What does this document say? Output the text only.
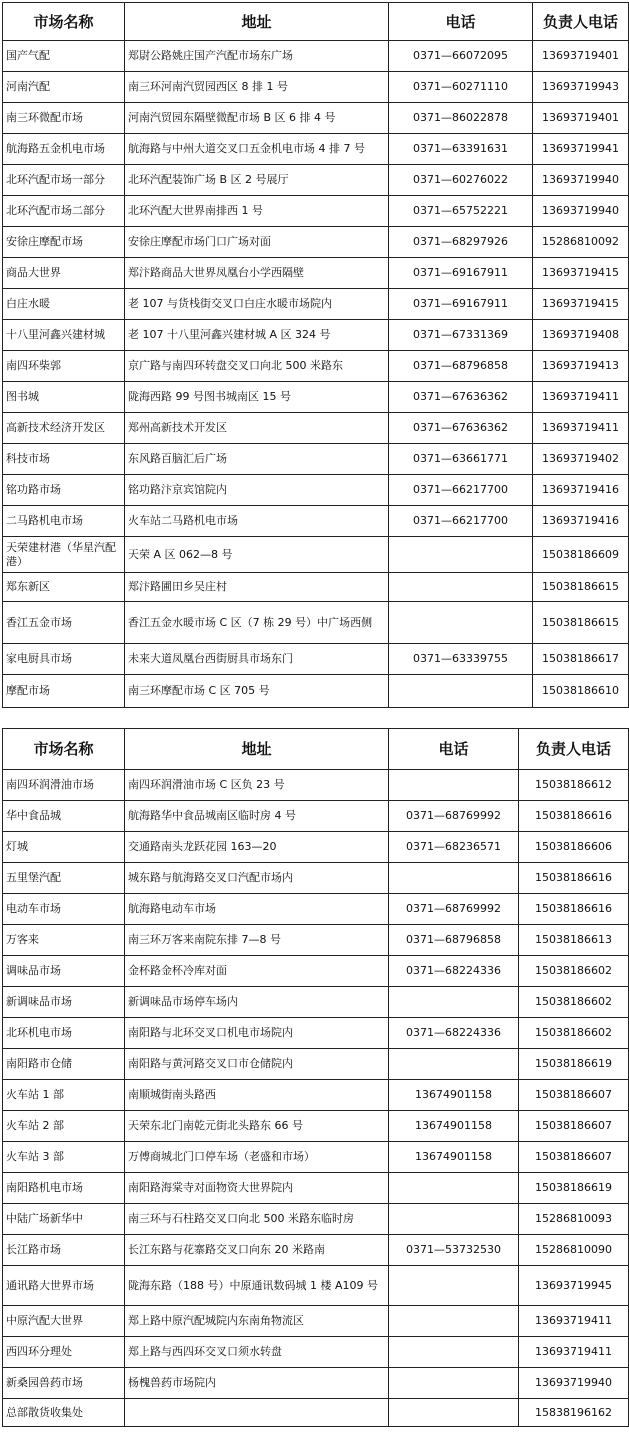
市场名称	地址	电话	负责人电话
国产气配	郑尉公路姚庄国产汽配市场东广场	0371—66072095	13693719401
河南汽配	南三环河南汽贸园西区 8 排 1 号	0371—60271110	13693719943
南三环微配市场	河南汽贸园东隔壁微配市场 B 区 6 排 4 号	0371—86022878	13693719401
航海路五金机电市场	航海路与中州大道交叉口五金机电市场 4 排 7 号	0371—63391631	13693719941
北环汽配市场一部分	北环汽配装饰广场 B 区 2 号展厅	0371—60276022	13693719940
北环汽配市场二部分	北环汽配大世界南排西 1 号	0371—65752221	13693719940
安徐庄摩配市场	安徐庄摩配市场门口广场对面	0371—68297926	15286810092
商品大世界	郑汴路商品大世界凤凰台小学西隔壁	0371—69167911	13693719415
白庄水暖	老 107 与货栈街交叉口白庄水暖市场院内	0371—69167911	13693719415
十八里河鑫兴建材城	老 107 十八里河鑫兴建材城 A 区 324 号	0371—67331369	13693719408
南四环柴郭	京广路与南四环转盘交叉口向北 500 米路东	0371—68796858	13693719413
图书城	陇海西路 99 号图书城南区 15 号	0371—67636362	13693719411
高新技术经济开发区	郑州高新技术开发区	0371—67636362	13693719411
科技市场	东风路百脑汇后广场	0371—63661771	13693719402
铭功路市场	铭功路汴京宾馆院内	0371—66217700	13693719416
二马路机电市场	火车站二马路机电市场	0371—66217700	13693719416
天荣建材港（华星汽配港）	天荣 A 区 062—8 号		15038186609
郑东新区	郑汴路圃田乡吴庄村		15038186615
香江五金市场	香江五金水暖市场 C 区（7 栋 29 号）中广场西侧		15038186615
家电厨具市场	未来大道凤凰台西街厨具市场东门	0371—63339755	15038186617
摩配市场	南三环摩配市场 C 区 705 号		15038186610
市场名称	地址	电话	负责人电话
南四环润滑油市场	南四环润滑油市场 C 区负 23 号		15038186612
华中食品城	航海路华中食品城南区临时房 4 号	0371—68769992	15038186616
灯城	交通路南头龙跃花园 163—20	0371—68236571	15038186606
五里堡汽配	城东路与航海路交叉口汽配市场内		15038186616
电动车市场	航海路电动车市场	0371—68769992	15038186616
万客来	南三环万客来南院东排 7—8 号	0371—68796858	15038186613
调味品市场	金杯路金杯冷库对面	0371—68224336	15038186602
新调味品市场	新调味品市场停车场内		15038186602
北环机电市场	南阳路与北环交叉口机电市场院内	0371—68224336	15038186602
南阳路市仓储	南阳路与黄河路交叉口市仓储院内		15038186619
火车站 1 部	南顺城街南头路西	13674901158	15038186607
火车站 2 部	天荣东北门南乾元街北头路东 66 号	13674901158	15038186607
火车站 3 部	万傅商城北门口停车场（老盛和市场）	13674901158	15038186607
南阳路机电市场	南阳路海棠寺对面物资大世界院内		15038186619
中陆广场新华中	南三环与石柱路交叉口向北 500 米路东临时房		15286810093
长江路市场	长江东路与花寨路交叉口向东 20 米路南	0371—53732530	15286810090
通讯路大世界市场	陇海东路（188 号）中原通讯数码城 1 楼 A109 号		13693719945
中原汽配大世界	郑上路中原汽配城院内东南角物流区		13693719411
西四环分理处	郑上路与西四环交叉口须水转盘		13693719411
新桑园兽药市场	杨槐兽药市场院内		13693719940
总部散货收集处			15838196162
